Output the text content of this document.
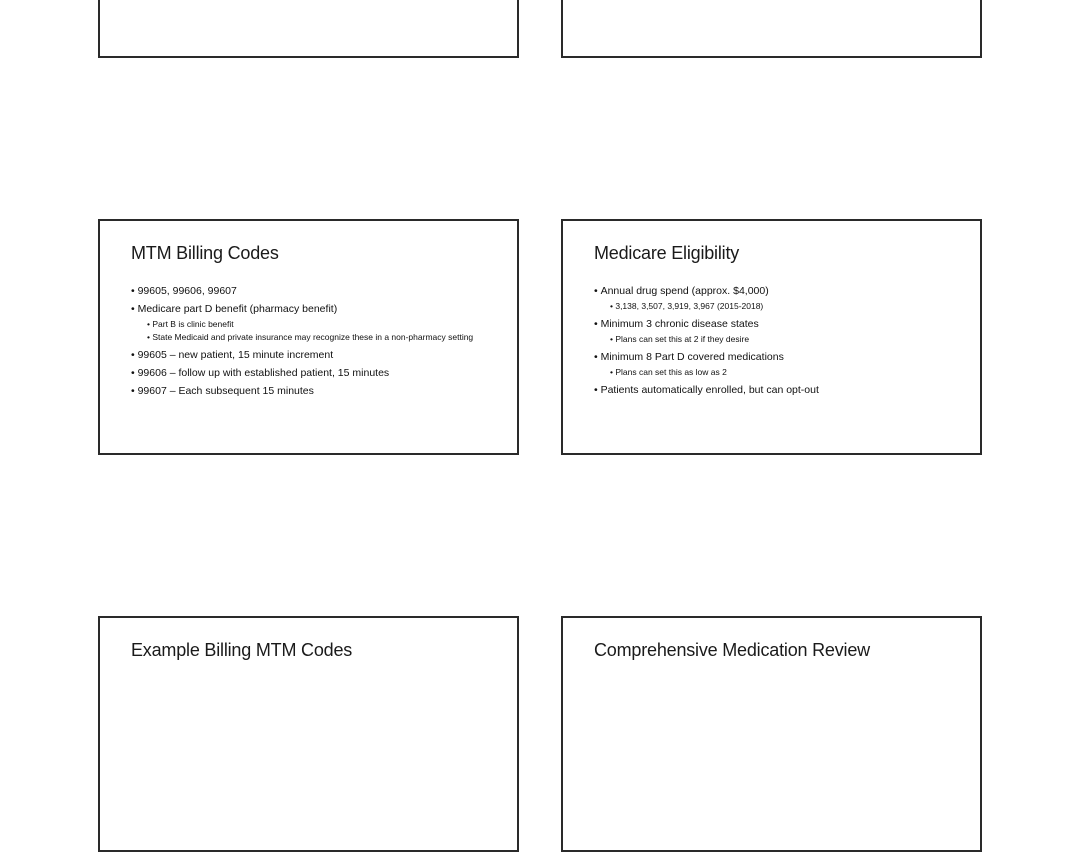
MTM Billing Codes
• 99605, 99606, 99607
• Medicare part D benefit (pharmacy benefit)
• Part B is clinic benefit
• State Medicaid and private insurance may recognize these in a non-pharmacy setting
• 99605 – new patient, 15 minute increment
• 99606 – follow up with established patient, 15 minutes
• 99607 – Each subsequent 15 minutes
Medicare Eligibility
• Annual drug spend (approx. $4,000)
• 3,138, 3,507, 3,919, 3,967 (2015-2018)
• Minimum 3 chronic disease states
• Plans can set this at 2 if they desire
• Minimum 8 Part D covered medications
• Plans can set this as low as 2
• Patients automatically enrolled, but can opt-out
Example Billing MTM Codes	Comprehensive Medication Review
